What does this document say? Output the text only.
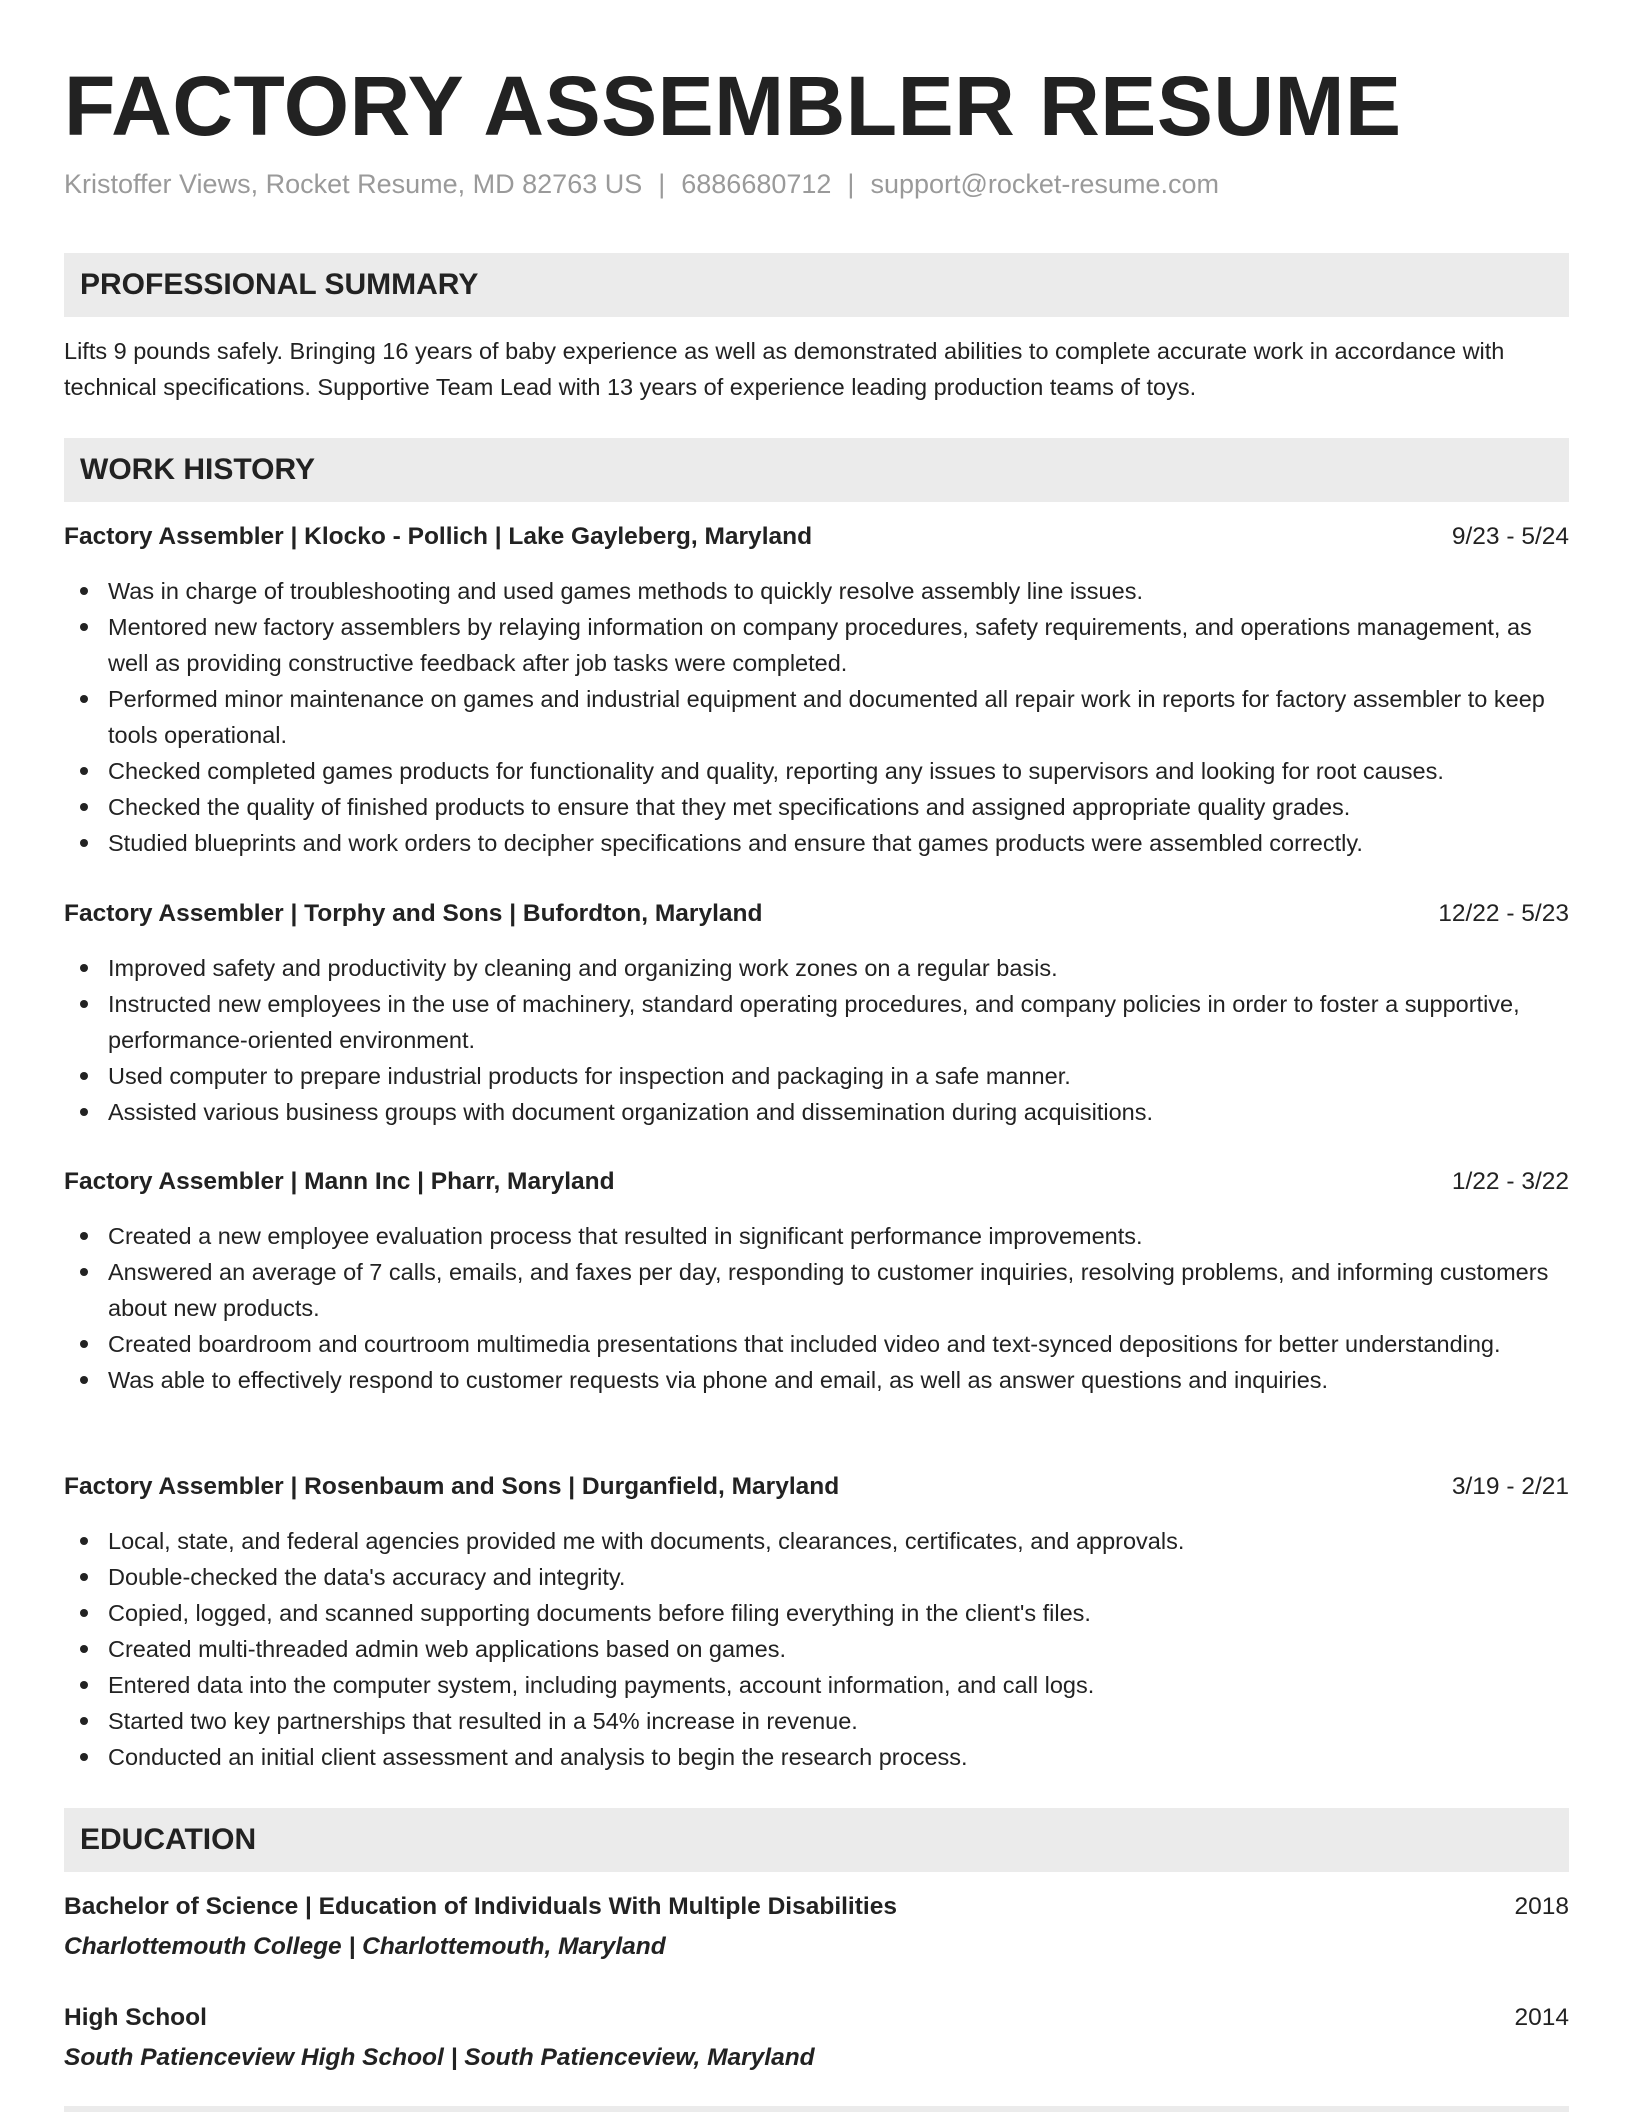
FACTORY ASSEMBLER RESUME
Kristoffer Views, Rocket Resume, MD 82763 US | 6886680712 | support@rocket-resume.com
PROFESSIONAL SUMMARY

Lifts 9 pounds safely. Bringing 16 years of baby experience as well as demonstrated abilities to complete accurate work in accordance with technical specifications. Supportive Team Lead with 13 years of experience leading production teams of toys.

WORK HISTORY
Factory Assembler | Klocko - Pollich | Lake Gayleberg, Maryland	9/23 - 5/24
Was in charge of troubleshooting and used games methods to quickly resolve assembly line issues.
Mentored new factory assemblers by relaying information on company procedures, safety requirements, and operations management, as well as providing constructive feedback after job tasks were completed.
Performed minor maintenance on games and industrial equipment and documented all repair work in reports for factory assembler to keep tools operational.
Checked completed games products for functionality and quality, reporting any issues to supervisors and looking for root causes.
Checked the quality of finished products to ensure that they met specifications and assigned appropriate quality grades.
Studied blueprints and work orders to decipher specifications and ensure that games products were assembled correctly.
Factory Assembler | Torphy and Sons | Bufordton, Maryland	12/22 - 5/23
Improved safety and productivity by cleaning and organizing work zones on a regular basis.
Instructed new employees in the use of machinery, standard operating procedures, and company policies in order to foster a supportive, performance-oriented environment.
Used computer to prepare industrial products for inspection and packaging in a safe manner.
Assisted various business groups with document organization and dissemination during acquisitions.
Factory Assembler | Mann Inc | Pharr, Maryland	1/22 - 3/22
Created a new employee evaluation process that resulted in significant performance improvements.
Answered an average of 7 calls, emails, and faxes per day, responding to customer inquiries, resolving problems, and informing customers about new products.
Created boardroom and courtroom multimedia presentations that included video and text-synced depositions for better understanding.
Was able to effectively respond to customer requests via phone and email, as well as answer questions and inquiries.
Factory Assembler | Rosenbaum and Sons | Durganfield, Maryland	3/19 - 2/21
Local, state, and federal agencies provided me with documents, clearances, certificates, and approvals.
Double-checked the data's accuracy and integrity.
Copied, logged, and scanned supporting documents before filing everything in the client's files.
Created multi-threaded admin web applications based on games.
Entered data into the computer system, including payments, account information, and call logs.
Started two key partnerships that resulted in a 54% increase in revenue.
Conducted an initial client assessment and analysis to begin the research process.
EDUCATION
Bachelor of Science | Education of Individuals With Multiple Disabilities	2018
Charlottemouth College | Charlottemouth, Maryland
High School	2014
South Patienceview High School | South Patienceview, Maryland
